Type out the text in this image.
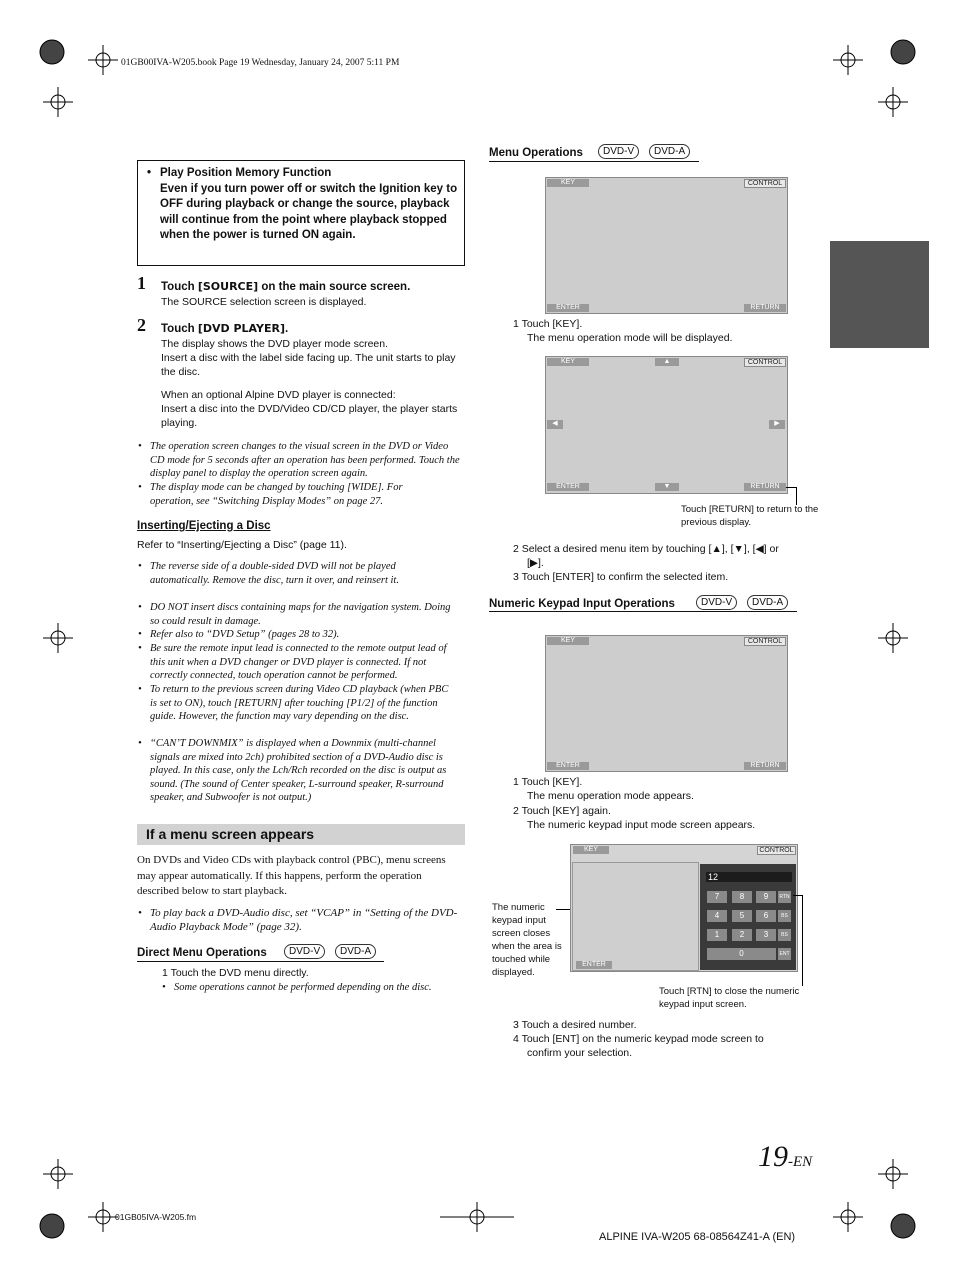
01GB00IVA-W205.book Page 19 Wednesday, January 24, 2007 5:11 PM
• Play Position Memory Function
Even if you turn power off or switch the Ignition key to OFF during playback or change the source, playback will continue from the point where playback stopped when the power is turned ON again.
1 Touch [SOURCE] on the main source screen.
The SOURCE selection screen is displayed.
2 Touch [DVD PLAYER].
The display shows the DVD player mode screen.
Insert a disc with the label side facing up. The unit starts to play the disc.
When an optional Alpine DVD player is connected:
Insert a disc into the DVD/Video CD/CD player, the player starts playing.
• The operation screen changes to the visual screen in the DVD or Video CD mode for 5 seconds after an operation has been performed. Touch the display panel to display the operation screen again.
• The display mode can be changed by touching [WIDE]. For operation, see “Switching Display Modes” on page 27.
Inserting/Ejecting a Disc
Refer to “Inserting/Ejecting a Disc” (page 11).
• The reverse side of a double-sided DVD will not be played automatically. Remove the disc, turn it over, and reinsert it.
• DO NOT insert discs containing maps for the navigation system. Doing so could result in damage.
• Refer also to “DVD Setup” (pages 28 to 32).
• Be sure the remote input lead is connected to the remote output lead of this unit when a DVD changer or DVD player is connected. If not correctly connected, touch operation cannot be performed.
• To return to the previous screen during Video CD playback (when PBC is set to ON), touch [RETURN] after touching [P1/2] of the function guide. However, the function may vary depending on the disc.
• “CAN’T DOWNMIX” is displayed when a Downmix (multi-channel signals are mixed into 2ch) prohibited section of a DVD-Audio disc is played. In this case, only the Lch/Rch recorded on the disc is output as sound. (The sound of Center speaker, L-surround speaker, R-surround speaker, and Subwoofer is not output.)
If a menu screen appears
On DVDs and Video CDs with playback control (PBC), menu screens may appear automatically. If this happens, perform the operation described below to start playback.
• To play back a DVD-Audio disc, set “VCAP” in “Setting of the DVD-Audio Playback Mode” (page 32).
Direct Menu Operations	DVD-V	DVD-A
1 Touch the DVD menu directly.
• Some operations cannot be performed depending on the disc.
Menu Operations	DVD-V	DVD-A
KEY	CONTROL
ENTER	RETURN
1 Touch [KEY].
The menu operation mode will be displayed.
KEY	▲	CONTROL
◀	▶
ENTER	▼	RETURN
Touch [RETURN] to return to the previous display.
2 Select a desired menu item by touching [▲], [▼], [◀] or
[▶].
3 Touch [ENTER] to confirm the selected item.
Numeric Keypad Input Operations	DVD-V	DVD-A
KEY	CONTROL
ENTER	RETURN
1 Touch [KEY].
The menu operation mode appears.
2 Touch [KEY] again.
The numeric keypad input mode screen appears.
KEY	CONTROL
ENTER
12
7	8	9	RTN
4	5	6	BS
1	2	3	BS
0	ENT
The numeric keypad input screen closes when the area is touched while displayed.
Touch [RTN] to close the numeric keypad input screen.
3 Touch a desired number.
4 Touch [ENT] on the numeric keypad mode screen to
confirm your selection.
19-EN
01GB05IVA-W205.fm
ALPINE IVA-W205 68-08564Z41-A (EN)
